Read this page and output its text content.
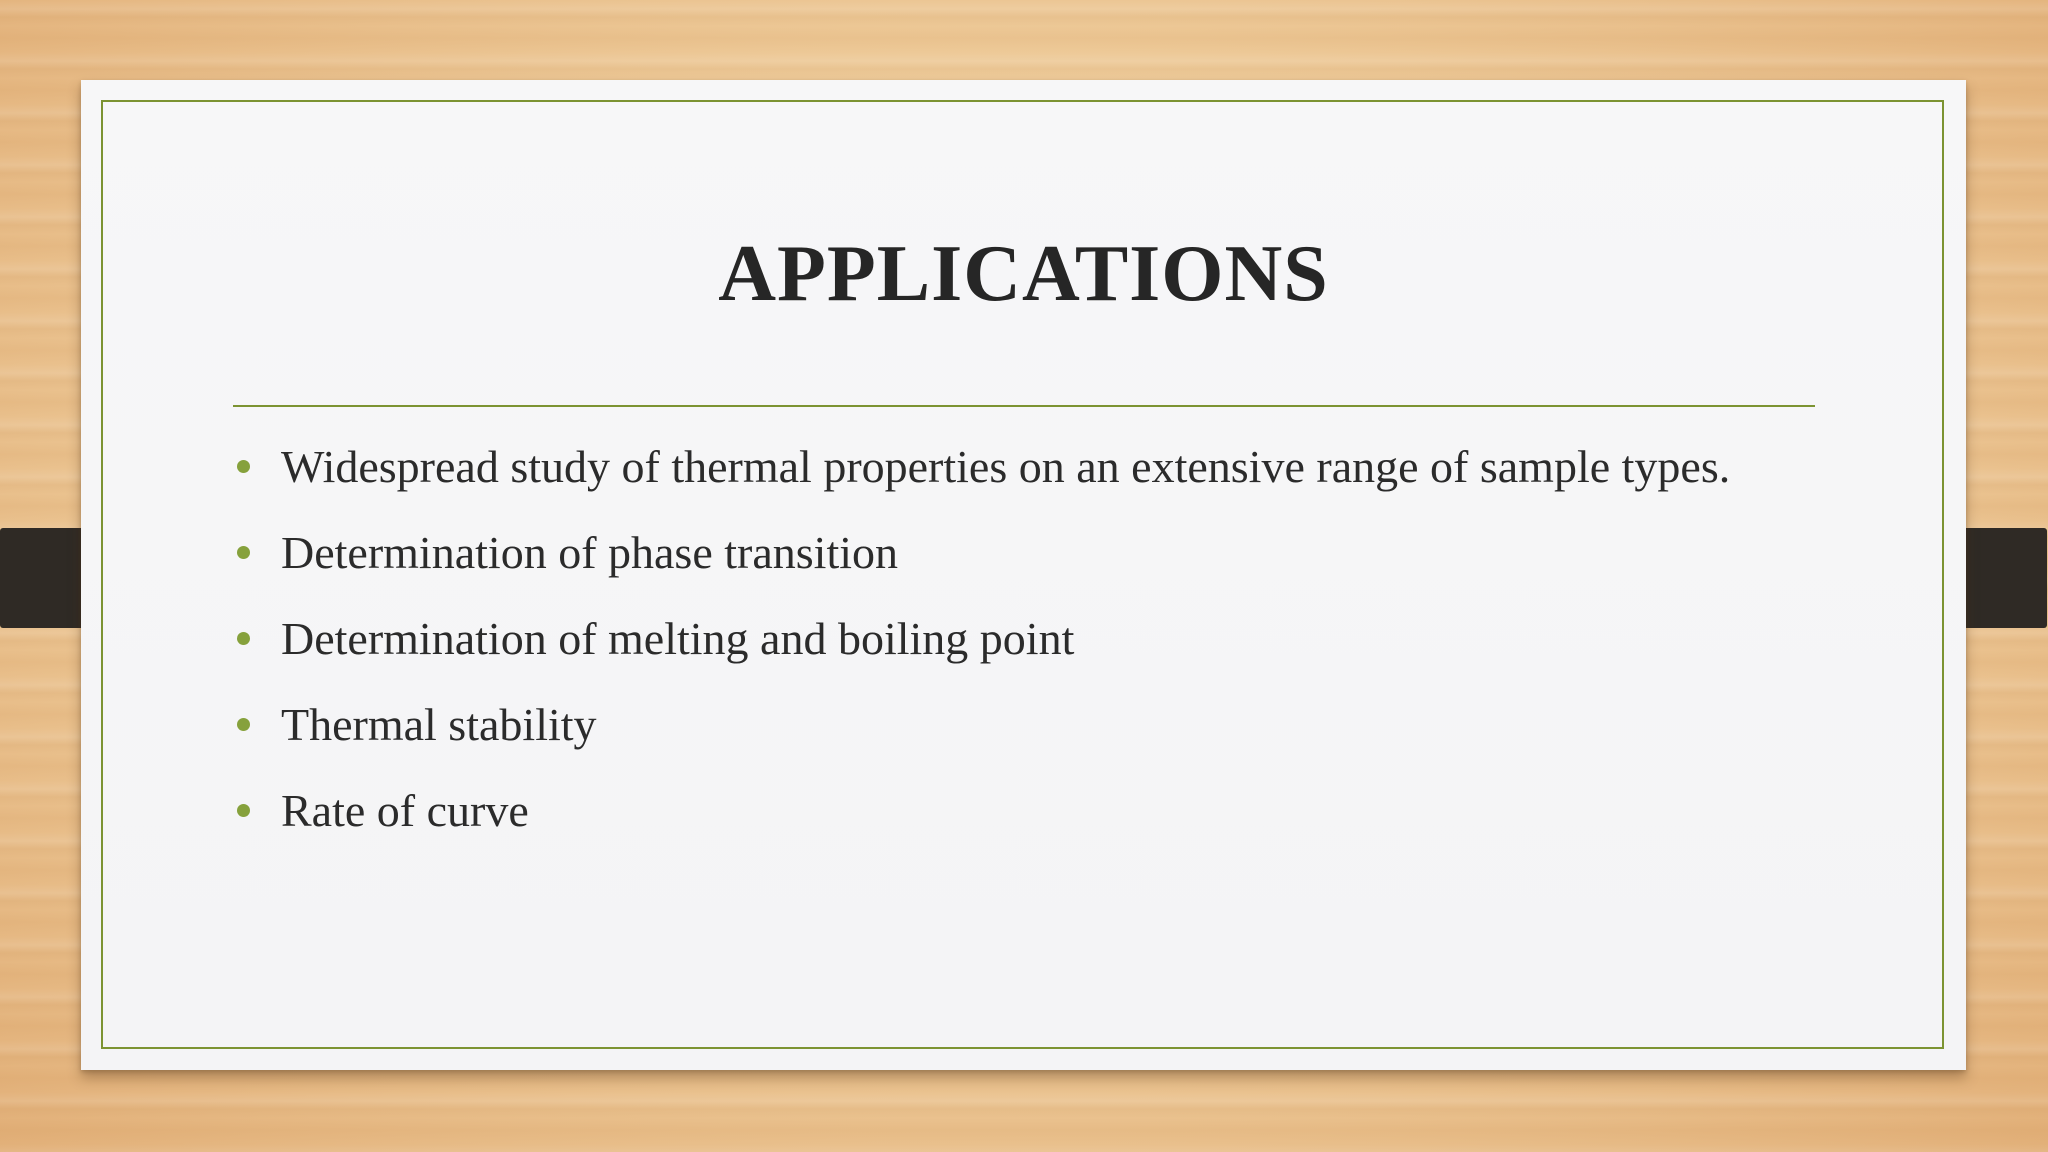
APPLICATIONS
Widespread study of thermal properties on an extensive range of sample types.
Determination of phase transition
Determination of melting and boiling point
Thermal stability
Rate of curve
